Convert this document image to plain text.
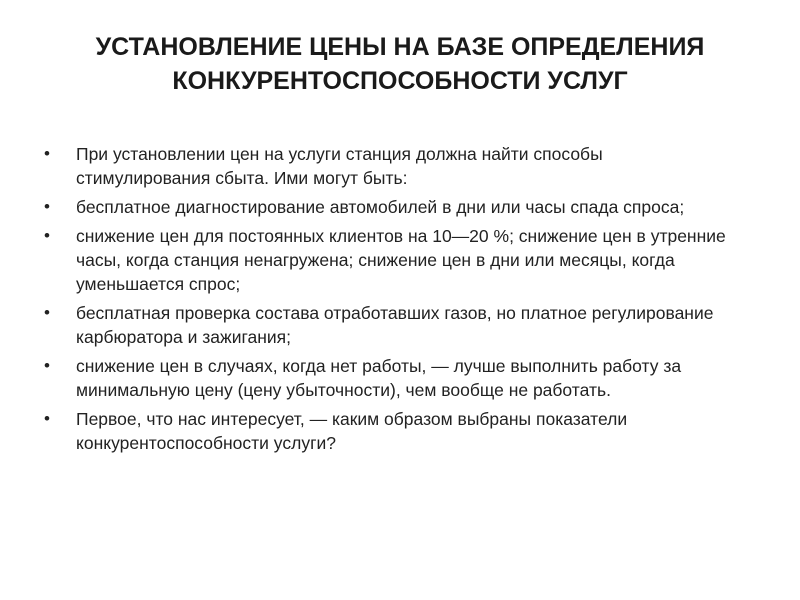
УСТАНОВЛЕНИЕ ЦЕНЫ НА БАЗЕ ОПРЕДЕЛЕНИЯ
КОНКУРЕНТОСПОСОБНОСТИ УСЛУГ
• При установлении цен на услуги станция должна найти способы стимулирования сбыта. Ими могут быть:
• бесплатное диагностирование автомобилей в дни или часы спада спроса;
• снижение цен для постоянных клиентов на 10—20 %; снижение цен в утренние часы, когда станция ненагружена; снижение цен в дни или месяцы, когда уменьшается спрос;
• бесплатная проверка состава отработавших газов, но платное регулирование карбюратора и зажигания;
• снижение цен в случаях, когда нет работы, — лучше выполнить работу за минимальную цену (цену убыточности), чем вообще не работать.
• Первое, что нас интересует, — каким образом выбраны показатели конкурентоспособности услуги?
